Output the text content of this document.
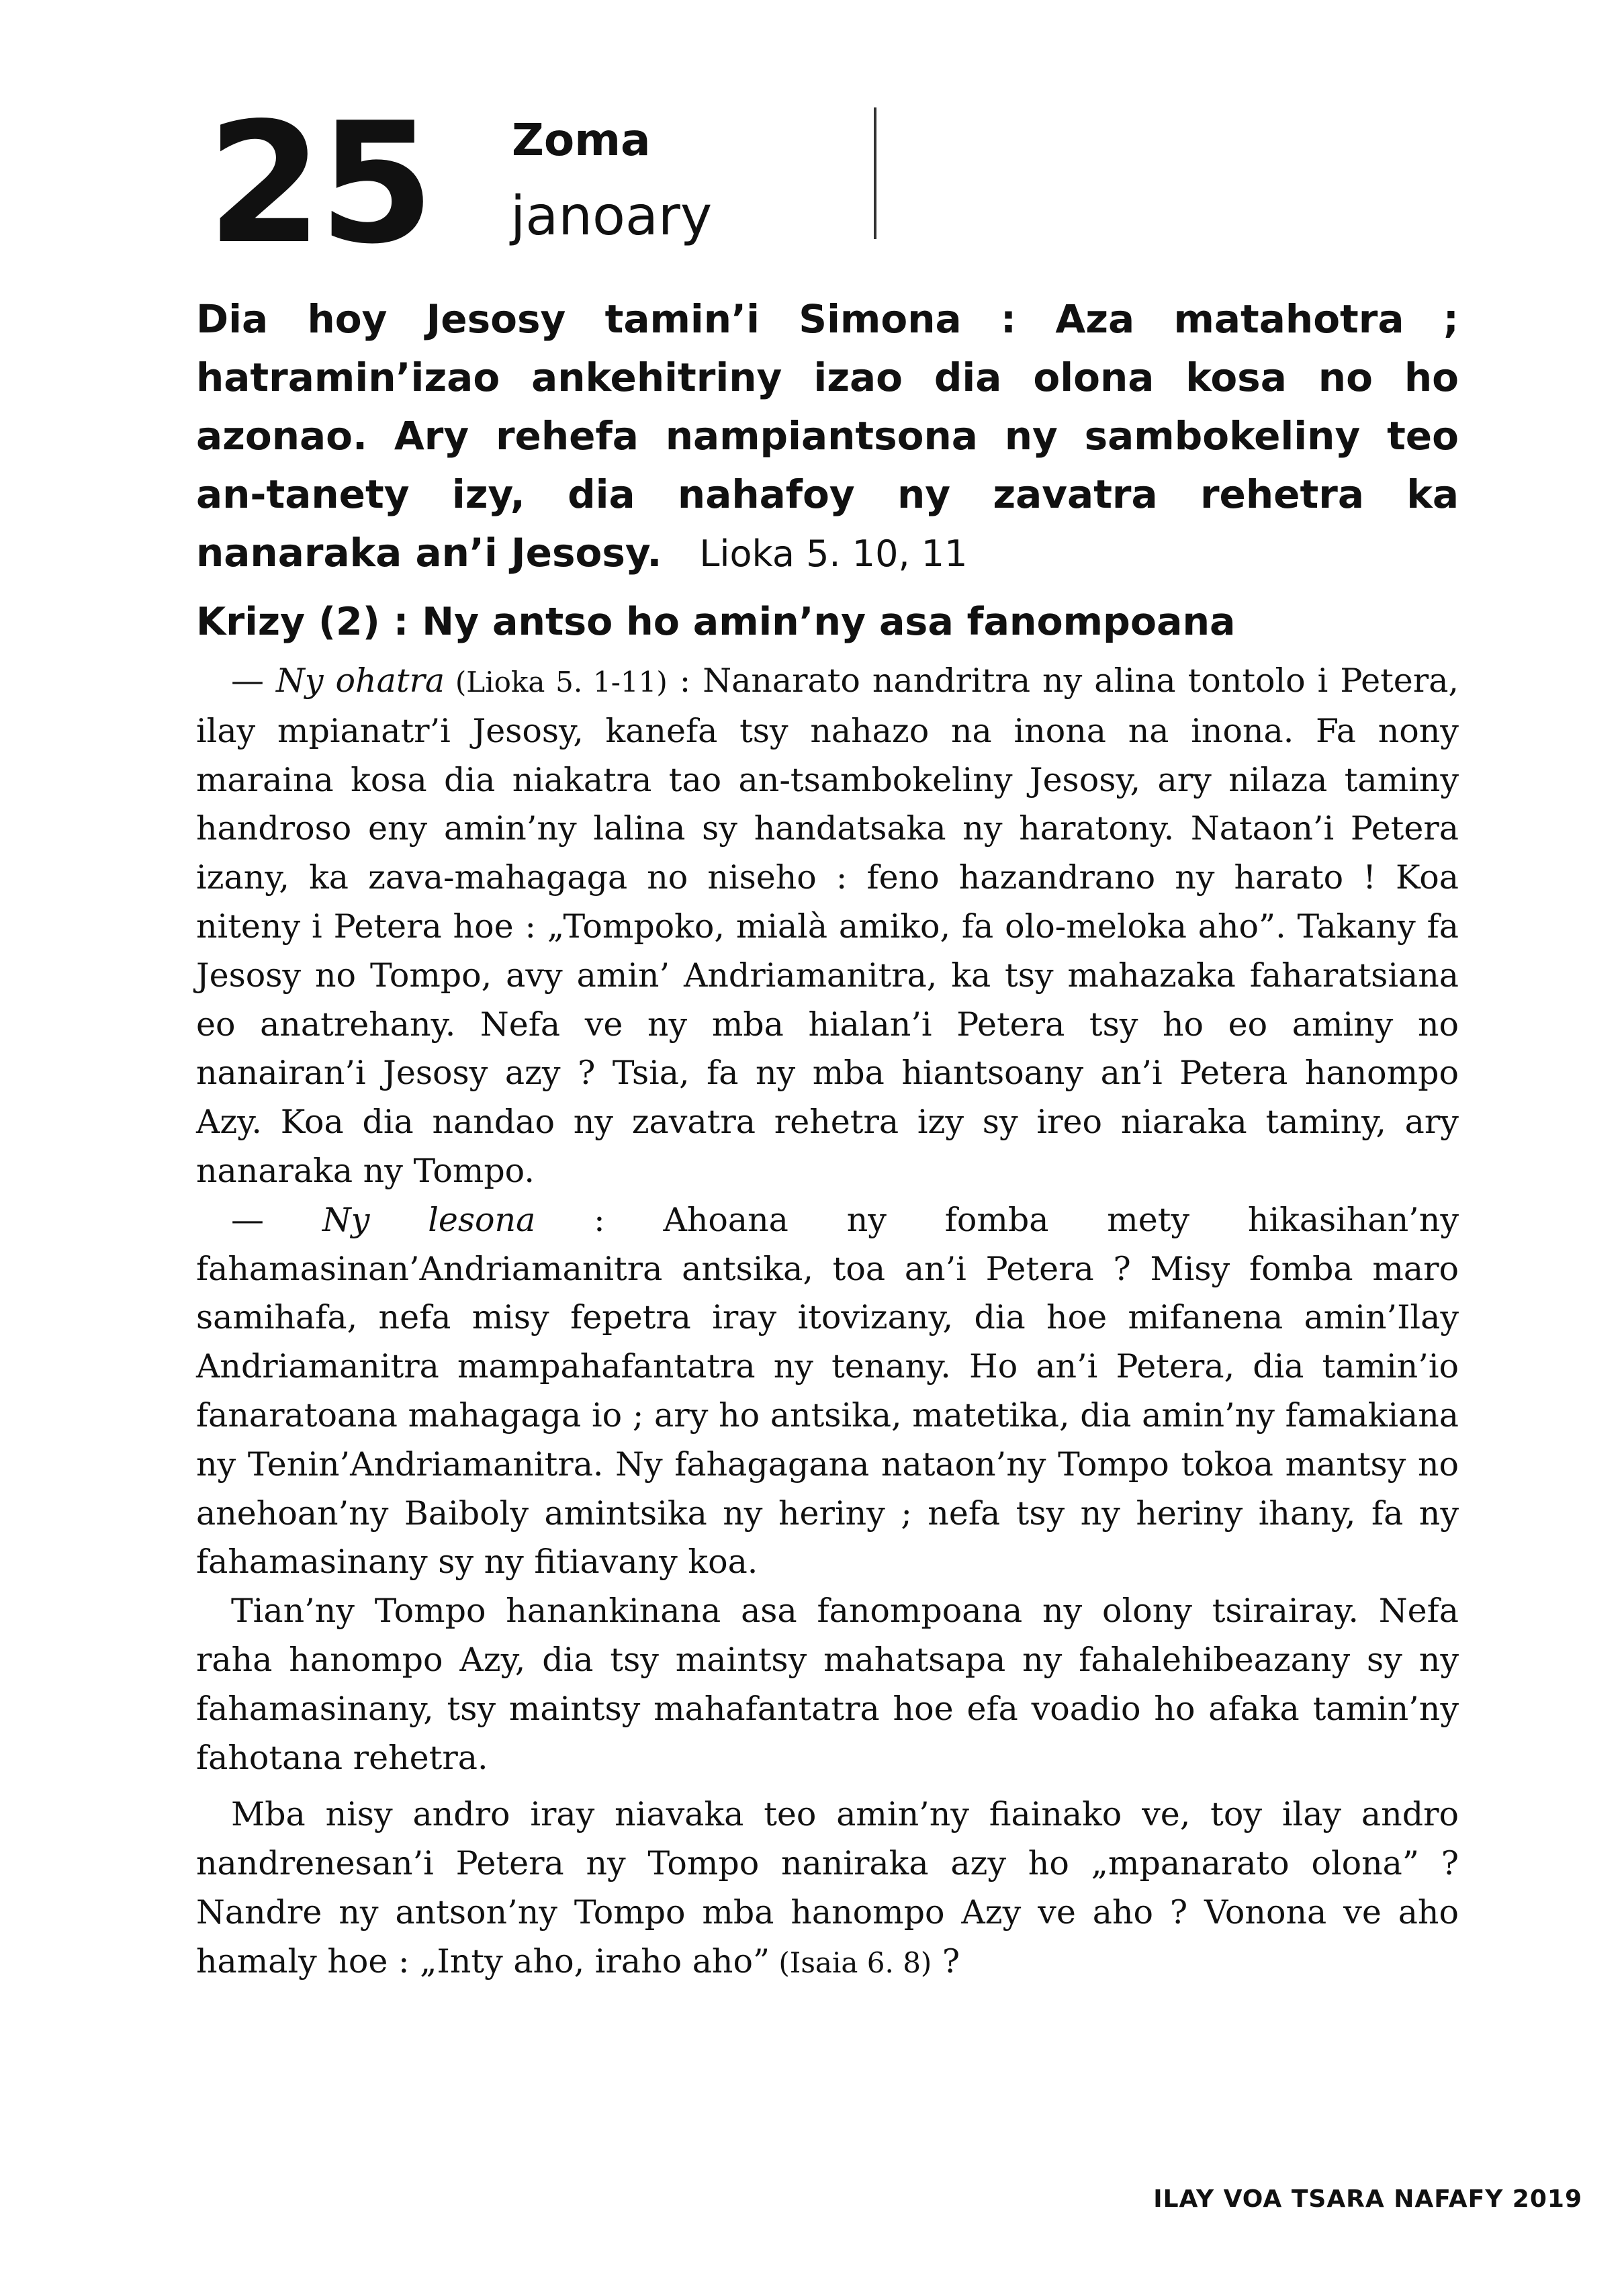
25 Zoma
janoary

Dia hoy Jesosy tamin’i Simona : Aza matahotra ; hatramin’izao ankehitriny izao dia olona kosa no ho azonao. Ary rehefa nampiantsona ny sambokeliny teo an-tanety izy, dia nahafoy ny zavatra rehetra ka nanaraka an’i Jesosy. Lioka 5. 10, 11

Krizy (2) : Ny antso ho amin’ny asa fanompoana

— Ny ohatra (Lioka 5. 1-11) : Nanarato nandritra ny alina tontolo i Petera, ilay mpianatr’i Jesosy, kanefa tsy nahazo na inona na inona. Fa nony maraina kosa dia niakatra tao an-tsambokeliny Jesosy, ary nilaza taminy handroso eny amin’ny lalina sy handatsaka ny haratony. Nataon’i Petera izany, ka zava-mahagaga no niseho : feno hazandrano ny harato ! Koa niteny i Petera hoe : „Tompoko, mialà amiko, fa olo-meloka aho”. Takany fa Jesosy no Tompo, avy amin’ Andriamanitra, ka tsy mahazaka faharatsiana eo anatrehany. Nefa ve ny mba hialan’i Petera tsy ho eo aminy no nanairan’i Jesosy azy ? Tsia, fa ny mba hiantsoany an’i Petera hanompo Azy. Koa dia nandao ny zavatra rehetra izy sy ireo niaraka taminy, ary nanaraka ny Tompo.

— Ny lesona : Ahoana ny fomba mety hikasihan’ny fahamasinan’Andriamanitra antsika, toa an’i Petera ? Misy fomba maro samihafa, nefa misy fepetra iray itovizany, dia hoe mifanena amin’Ilay Andriamanitra mampahafantatra ny tenany. Ho an’i Petera, dia tamin’io fanaratoana mahagaga io ; ary ho antsika, matetika, dia amin’ny famakiana ny Tenin’Andriamanitra. Ny fahagagana nataon’ny Tompo tokoa mantsy no anehoan’ny Baiboly amintsika ny heriny ; nefa tsy ny heriny ihany, fa ny fahamasinany sy ny fitiavany koa.

Tian’ny Tompo hanankinana asa fanompoana ny olony tsirairay. Nefa raha hanompo Azy, dia tsy maintsy mahatsapa ny fahalehibeazany sy ny fahamasinany, tsy maintsy mahafantatra hoe efa voadio ho afaka tamin’ny fahotana rehetra.

Mba nisy andro iray niavaka teo amin’ny fiainako ve, toy ilay andro nandrenesan’i Petera ny Tompo naniraka azy ho „mpanarato olona” ? Nandre ny antson’ny Tompo mba hanompo Azy ve aho ? Vonona ve aho hamaly hoe : „Inty aho, iraho aho” (Isaia 6. 8) ?

ILAY VOA TSARA NAFAFY 2019
